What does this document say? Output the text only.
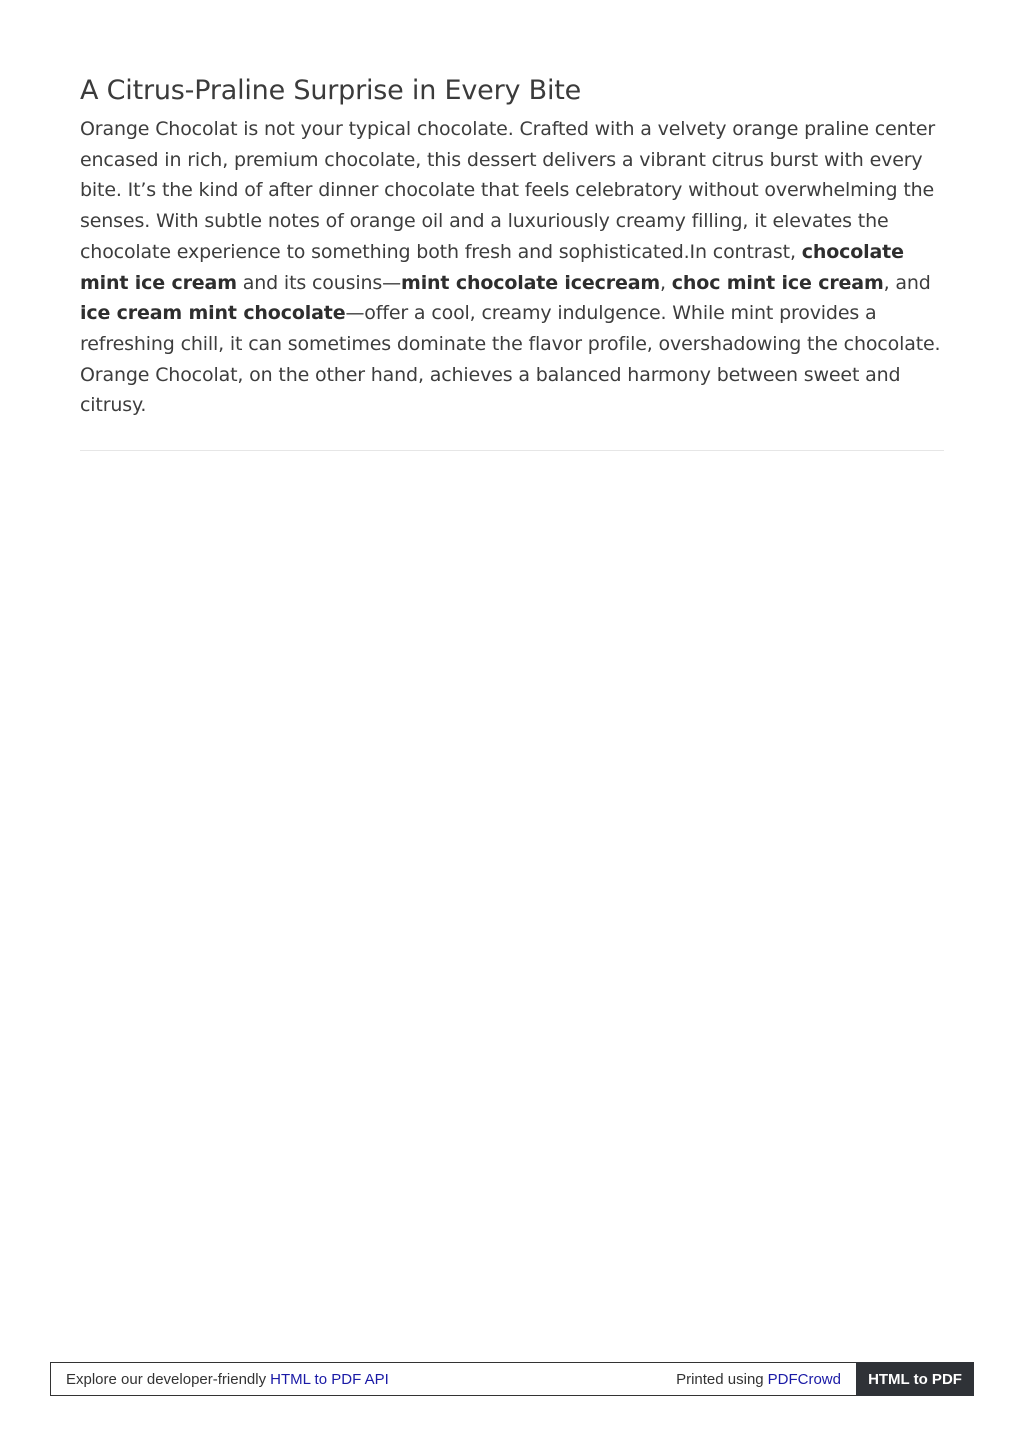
A Citrus-Praline Surprise in Every Bite

Orange Chocolat is not your typical chocolate. Crafted with a velvety orange praline center encased in rich, premium chocolate, this dessert delivers a vibrant citrus burst with every bite. It’s the kind of after dinner chocolate that feels celebratory without overwhelming the senses. With subtle notes of orange oil and a luxuriously creamy filling, it elevates the chocolate experience to something both fresh and sophisticated.In contrast, chocolate mint ice cream and its cousins—mint chocolate icecream, choc mint ice cream, and ice cream mint chocolate—offer a cool, creamy indulgence. While mint provides a refreshing chill, it can sometimes dominate the flavor profile, overshadowing the chocolate. Orange Chocolat, on the other hand, achieves a balanced harmony between sweet and citrusy.

Explore our developer-friendly HTML to PDF API	Printed using PDFCrowd	HTML to PDF
